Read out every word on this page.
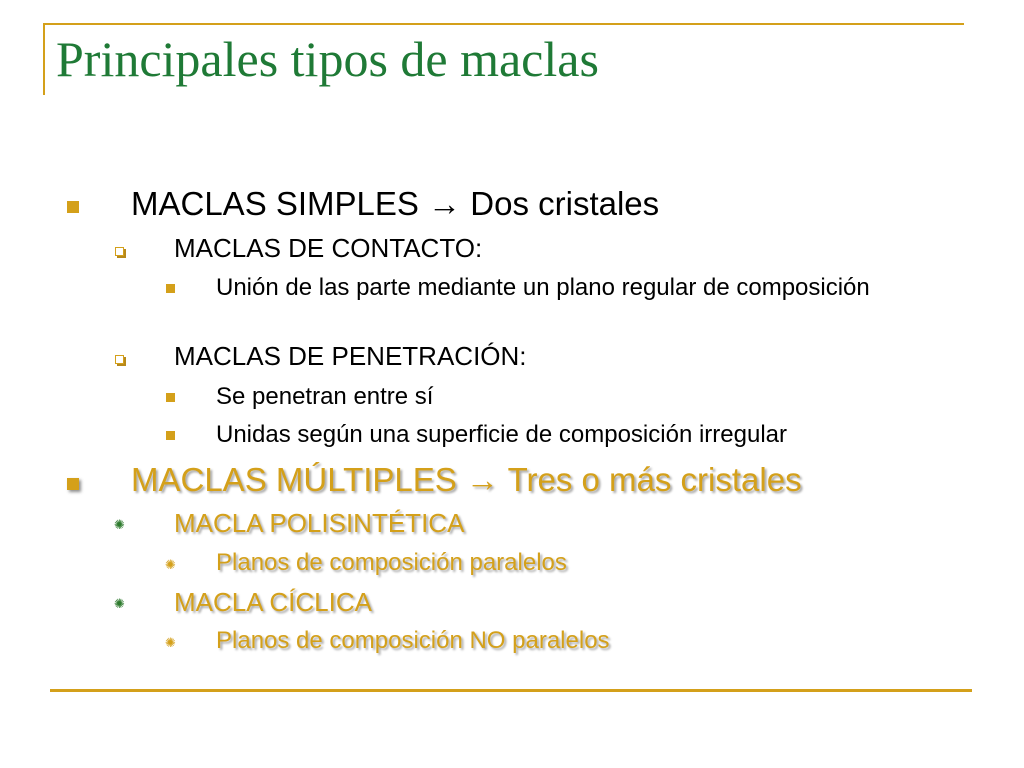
Principales tipos de maclas

MACLAS SIMPLES → Dos cristales

MACLAS DE CONTACTO:

Unión de las parte mediante un plano regular de composición

MACLAS DE PENETRACIÓN:

Se penetran entre sí

Unidas según una superficie de composición irregular

MACLAS MÚLTIPLES → Tres o más cristales

✺ MACLA POLISINTÉTICA

✺ Planos de composición paralelos

✺ MACLA CÍCLICA

✺ Planos de composición NO paralelos
